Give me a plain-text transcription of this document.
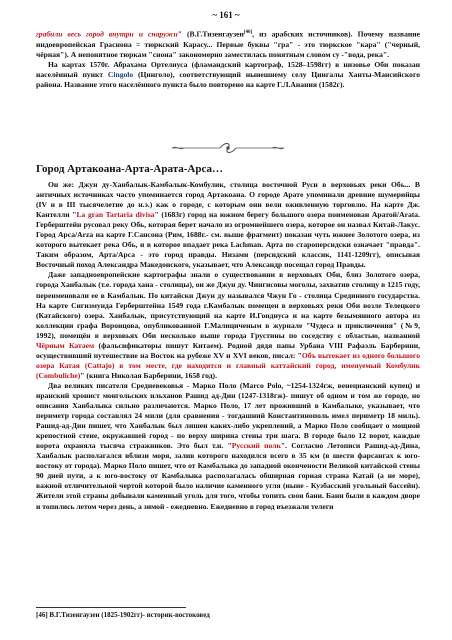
~ 161 ~

грабили весь город внутри и снаружи" (В.Г.Тизенгаузен[46], из арабских источников). Почему название индоевропейская Граснона = тюркский Карасу... Первые буквы "гра" - это тюркское "кара" ("черный, чёрная"). А непонятное тюркам "снона" закономерно заместилась понятным словом су -"вода, река".

На картах 1570г. Абрахама Ортелиуса (фламандский картограф, 1528–1598гг) в низовье Оби показан населённый пункт Cingolo (Цинголо), соответствующий нынешнему селу Цингалы Ханты-Мансийского района. Название этого населённого пункта было повторено на карте Г.Л.Анания (1582г).

Город Артакоана-Арта-Арата-Арса…

Он же: Джун ду-Ханбалык-Камбалык-Комбулик, столица восточной Руси в верховьях реки Обь... В античных источниках часто упоминается город Артакоана. О городе Арате упоминали древние шумерийцы (IV и в III тысячелетие до н.э.) как о городе, с которым они вели оживленную торговлю. На карте Дж. Кантелли "La gran Tartaria divisa" (1683г) город на южном берегу большого озера поименован Аратой/Arata. Герберштейн русовал реку Обь, которая берет начало из огромнейшего озера, которое он назвал Китай-Лакус. Город Арса/Arza на карте Г.Сансона (Рим, 1688г.- см. выше фрагмент) показан чуть южнее Золотого озера, из которого вытекает река Обь, и в которое впадает река Lachman. Арта по староперсидски означает "правда". Таким образом, Арта/Арса - это город правды. Низами (персидский классик, 1141-1209гг), описывая Восточный поход Александра Македонского, указывает, что Александр посещал город Правды.

Даже западноевропейские картографы знали о существовании в верховьях Оби, близ Золотого озера, города Ханбалык (т.е. города хана - столицы), он же Джун ду. Чингисовы моголы, захватив столицу в 1215 году, переименовали ее в Камбалык. По китайски Джун ду назывался Чжун Го - столица Срединного государства. На карте Сигизмунда Герберштейна 1549 года г.Камбалык помещен в верховьях реки Оби возле Телецкого (Катайского) озера. Ханбалык, присутствующий на карте И.Гондиуса и на карте безымянного автора из коллекции графа Воронцова, опубликованной Г.Малициченым в журнале "Чудеса и приключения" (№9, 1992), помещён в верховьях Оби несколько выше города Грустины по соседству с областью, названной Чёрным Катаем (фальсификаторы пишут Китаем). Родной дядя папы Урбана VIII Рафаэль Барберини, осуществивший путешествие на Восток на рубеже XV и XVI веков, писал: "Объ вытекает из одного большого озера Катая (Cattajo) в том месте, где находится и главный каттайский город, именуемый Комбулик (Combuliche)" (книга Николая Барберини, 1658 год).

Два великих писателя Средневековья - Марко Поло (Marco Polo, ~1254-1324гж, венецианский купец) и иранский хронист монгольских ильханов Рашид ад-Дин (1247-1318гж)- пишут об одном и том же городе, но описания Ханбалыка сильно различаются. Марко Поло, 17 лет проживший в Камбалыке, указывает, что периметр города составлял 24 мили (для сравнения - тогдашний Константинополь имел периметр 18 миль). Рашид-ад-Дин пишет, что Ханбалык был лишен каких-либо укреплений, а Марко Поло сообщает о мощной крепостной стене, окружавшей город - по верху ширина стены три шага. В городе было 12 ворот, каждые ворота охраняла тысяча стражников. Это был т.н. "Русский полк". Согласно Летописи Рашид-ад-Дина, Ханбалык располагался вблизи моря, залив которого находился всего в 35 км (в шести фарсангах к юго-востоку от города). Марко Поло пишет, что от Камбалыка до западной окончености Великой китайской стены 90 дней пути, а к юго-востоку от Камбалыка располагалась обширная горная страна Катай (а не море), важной отличительной чертой которой было наличие каменного угля (ныне - Кузбасский угольный бассейн). Жители этой страны добывали каменный уголь для того, чтобы топить свои бани. Бани были в каждом дворе и топились летом через день, а зимой - ежедневно. Ежедневно в город въезжали телеги

[46] В.Г.Тизенгаузен (1825-1902гг)- историк-востоковед
